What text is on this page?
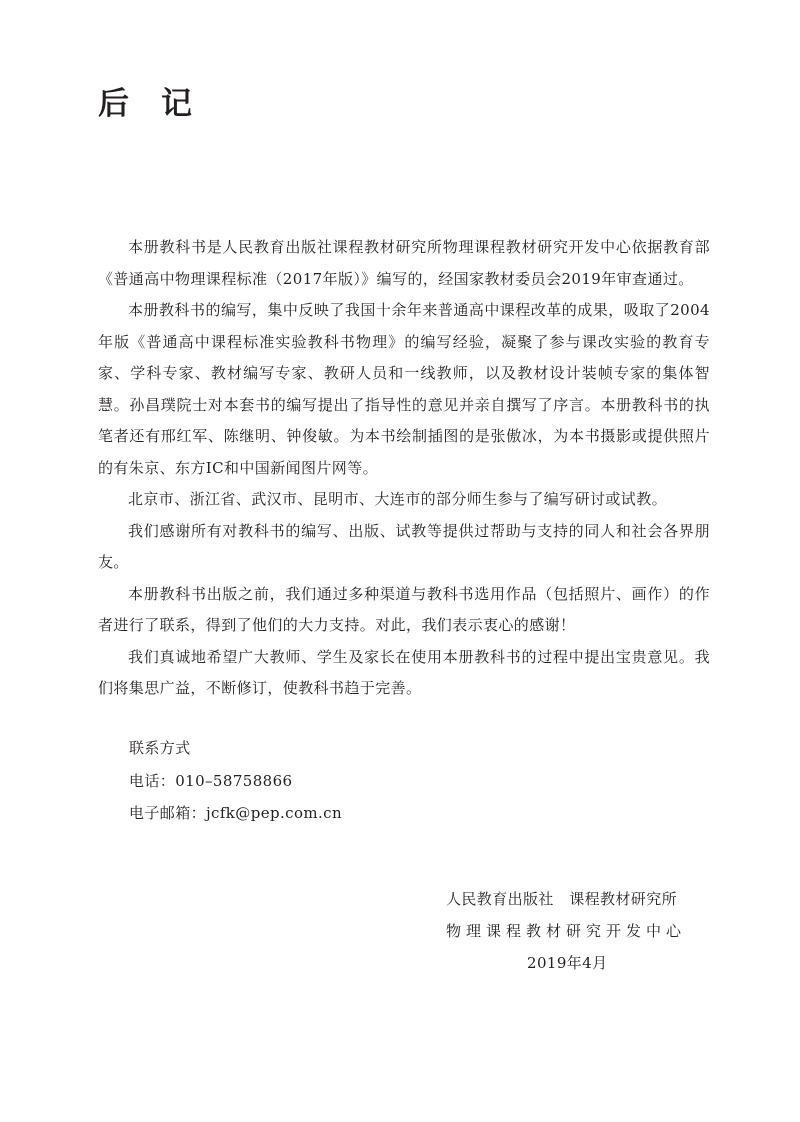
后 记

本册教科书是人民教育出版社课程教材研究所物理课程教材研究开发中心依据教育部《普通高中物理课程标准（2017年版）》编写的，经国家教材委员会2019年审查通过。

本册教科书的编写，集中反映了我国十余年来普通高中课程改革的成果，吸取了2004年版《普通高中课程标准实验教科书物理》的编写经验，凝聚了参与课改实验的教育专家、学科专家、教材编写专家、教研人员和一线教师，以及教材设计装帧专家的集体智慧。孙昌璞院士对本套书的编写提出了指导性的意见并亲自撰写了序言。本册教科书的执笔者还有邢红军、陈继明、钟俊敏。为本书绘制插图的是张傲冰，为本书摄影或提供照片的有朱京、东方IC和中国新闻图片网等。

北京市、浙江省、武汉市、昆明市、大连市的部分师生参与了编写研讨或试教。

我们感谢所有对教科书的编写、出版、试教等提供过帮助与支持的同人和社会各界朋友。

本册教科书出版之前，我们通过多种渠道与教科书选用作品（包括照片、画作）的作者进行了联系，得到了他们的大力支持。对此，我们表示衷心的感谢！

我们真诚地希望广大教师、学生及家长在使用本册教科书的过程中提出宝贵意见。我们将集思广益，不断修订，使教科书趋于完善。

联系方式
电话：010–58758866
电子邮箱：jcfk@pep.com.cn
人民教育出版社　课程教材研究所
物理课程教材研究开发中心
2019年4月
